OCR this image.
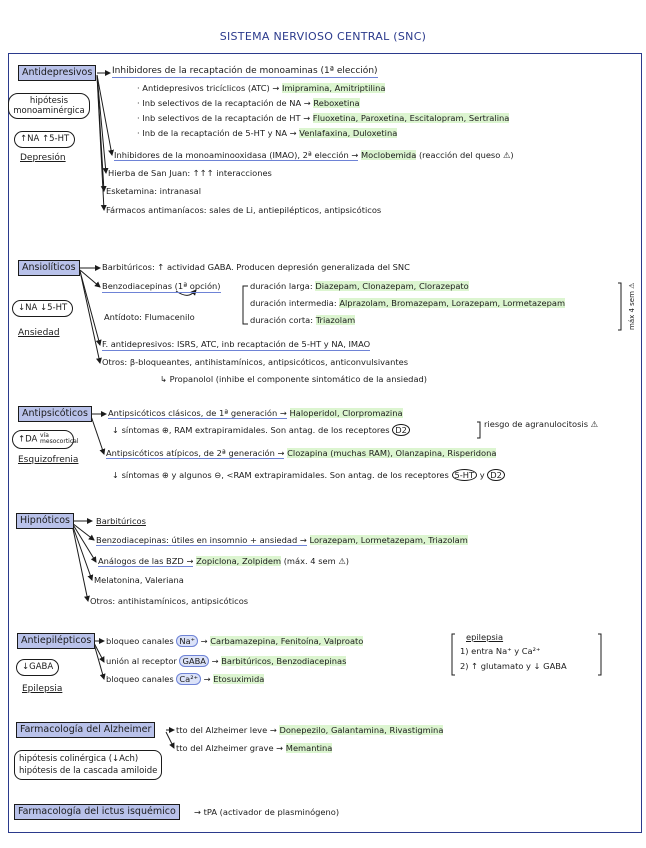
SISTEMA NERVIOSO CENTRAL (SNC)
Antidepresivos
hipótesis monoaminérgica
↑NA ↑5-HT
Depresión
Inhibidores de la recaptación de monoaminas (1ª elección)
· Antidepresivos tricíclicos (ATC) → Imipramina, Amitriptilina
· Inb selectivos de la recaptación de NA → Reboxetina
· Inb selectivos de la recaptación de HT → Fluoxetina, Paroxetina, Escitalopram, Sertralina
· Inb de la recaptación de 5-HT y NA → Venlafaxina, Duloxetina
Inhibidores de la monoaminooxidasa (IMAO), 2ª elección → Moclobemida (reacción del queso ⚠)
Hierba de San Juan: ↑↑↑ interacciones
Esketamina: intranasal
Fármacos antimaníacos: sales de Li, antiepilépticos, antipsicóticos
Ansiolíticos
↓NA ↓5-HT
Ansiedad
Barbitúricos: ↑ actividad GABA. Producen depresión generalizada del SNC
Benzodiacepinas (1ª opción)	duración larga: Diazepam, Clonazepam, Clorazepato
duración intermedia: Alprazolam, Bromazepam, Lorazepam, Lormetazepam
duración corta: Triazolam	máx 4 sem ⚠
Antídoto: Flumacenilo
F. antidepresivos: ISRS, ATC, inb recaptación de 5-HT y NA, IMAO
Otros: β-bloqueantes, antihistamínicos, antipsicóticos, anticonvulsivantes
↳ Propanolol (inhibe el componente sintomático de la ansiedad)
Antipsicóticos
↑DA vía mesocortical
Esquizofrenia
Antipsicóticos clásicos, de 1ª generación → Haloperidol, Clorpromazina
↓ síntomas ⊕, RAM extrapiramidales. Son antag. de los receptores D2
riesgo de agranulocitosis ⚠
Antipsicóticos atípicos, de 2ª generación → Clozapina (muchas RAM), Olanzapina, Risperidona
↓ síntomas ⊕ y algunos ⊖, <RAM extrapiramidales. Son antag. de los receptores 5-HT y D2
Hipnóticos	Barbitúricos
Benzodiacepinas: útiles en insomnio + ansiedad → Lorazepam, Lormetazepam, Triazolam
Análogos de las BZD → Zopiclona, Zolpidem (máx. 4 sem ⚠)
Melatonina, Valeriana
Otros: antihistamínicos, antipsicóticos
Antiepilépticos
↓GABA
Epilepsia
bloqueo canales Na⁺ → Carbamazepina, Fenitoína, Valproato
unión al receptor GABA → Barbitúricos, Benzodiacepinas
bloqueo canales Ca²⁺ → Etosuximida
epilepsia
1) entra Na⁺ y Ca²⁺
2) ↑ glutamato y ↓ GABA
Farmacología del Alzheimer	tto del Alzheimer leve → Donepezilo, Galantamina, Rivastigmina
tto del Alzheimer grave → Memantina
hipótesis colinérgica (↓Ach)
hipótesis de la cascada amiloide
Farmacología del ictus isquémico	→ tPA (activador de plasminógeno)
